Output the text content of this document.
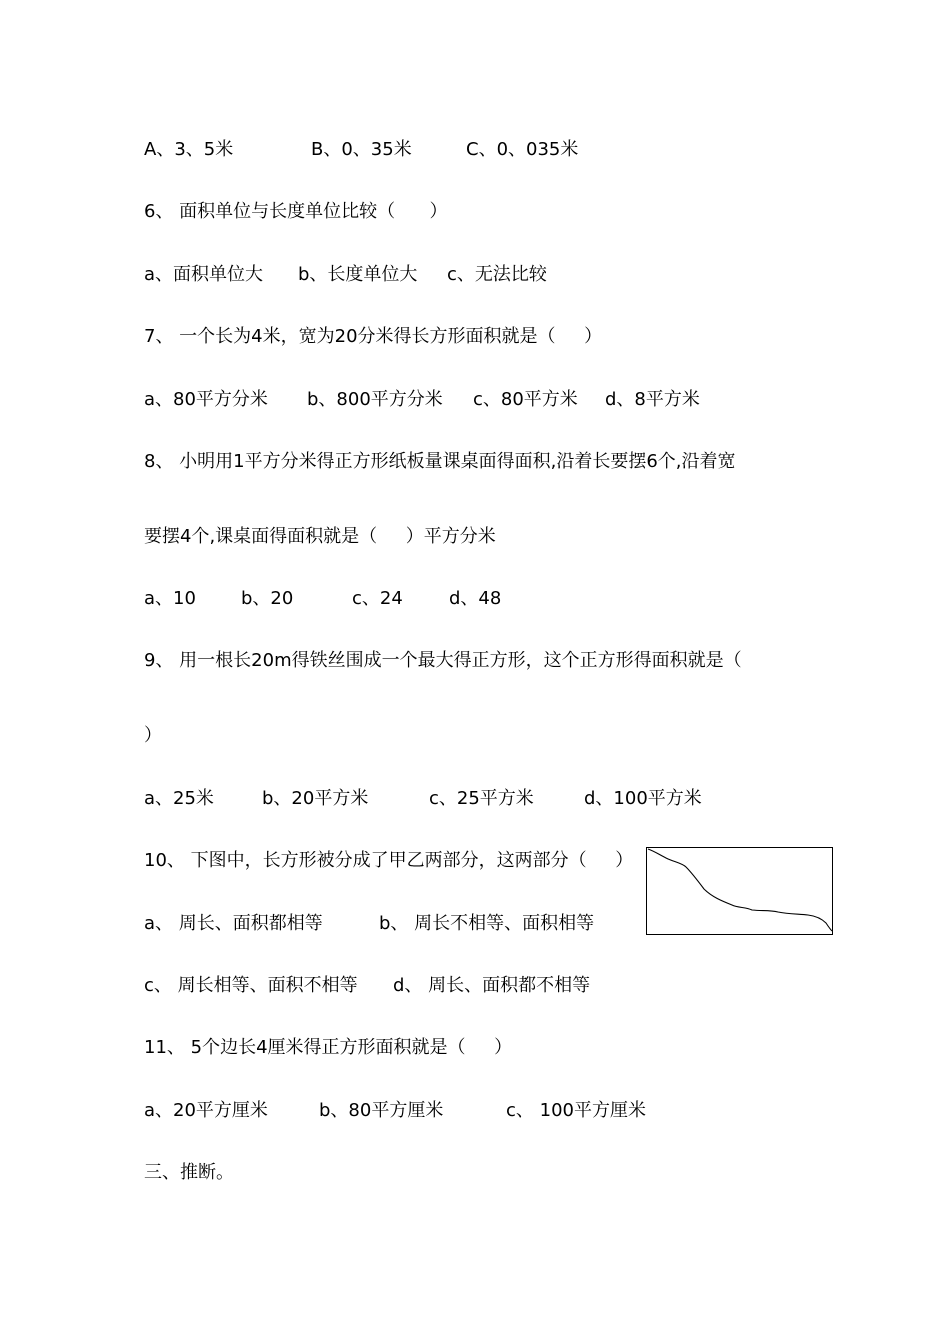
A、3、5米	B、0、35米	C、0、035米
6、 面积单位与长度单位比较（      ）
a、面积单位大 b、长度单位大 c、无法比较
7、 一个长为4米，宽为20分米得长方形面积就是（     ）
a、80平方分米 b、800平方分米 c、80平方米 d、8平方米
8、 小明用1平方分米得正方形纸板量课桌面得面积,沿着长要摆6个,沿着宽
要摆4个,课桌面得面积就是（     ）平方分米
a、10	b、20	c、24	d、48
9、 用一根长20m得铁丝围成一个最大得正方形，这个正方形得面积就是（
）
a、25米	b、20平方米	c、25平方米	d、100平方米
10、 下图中，长方形被分成了甲乙两部分，这两部分（     ）
a、 周长、面积都相等	b、 周长不相等、面积相等
c、 周长相等、面积不相等 d、 周长、面积都不相等
11、 5个边长4厘米得正方形面积就是（     ）
a、20平方厘米	b、80平方厘米	c、 100平方厘米
三、推断。
